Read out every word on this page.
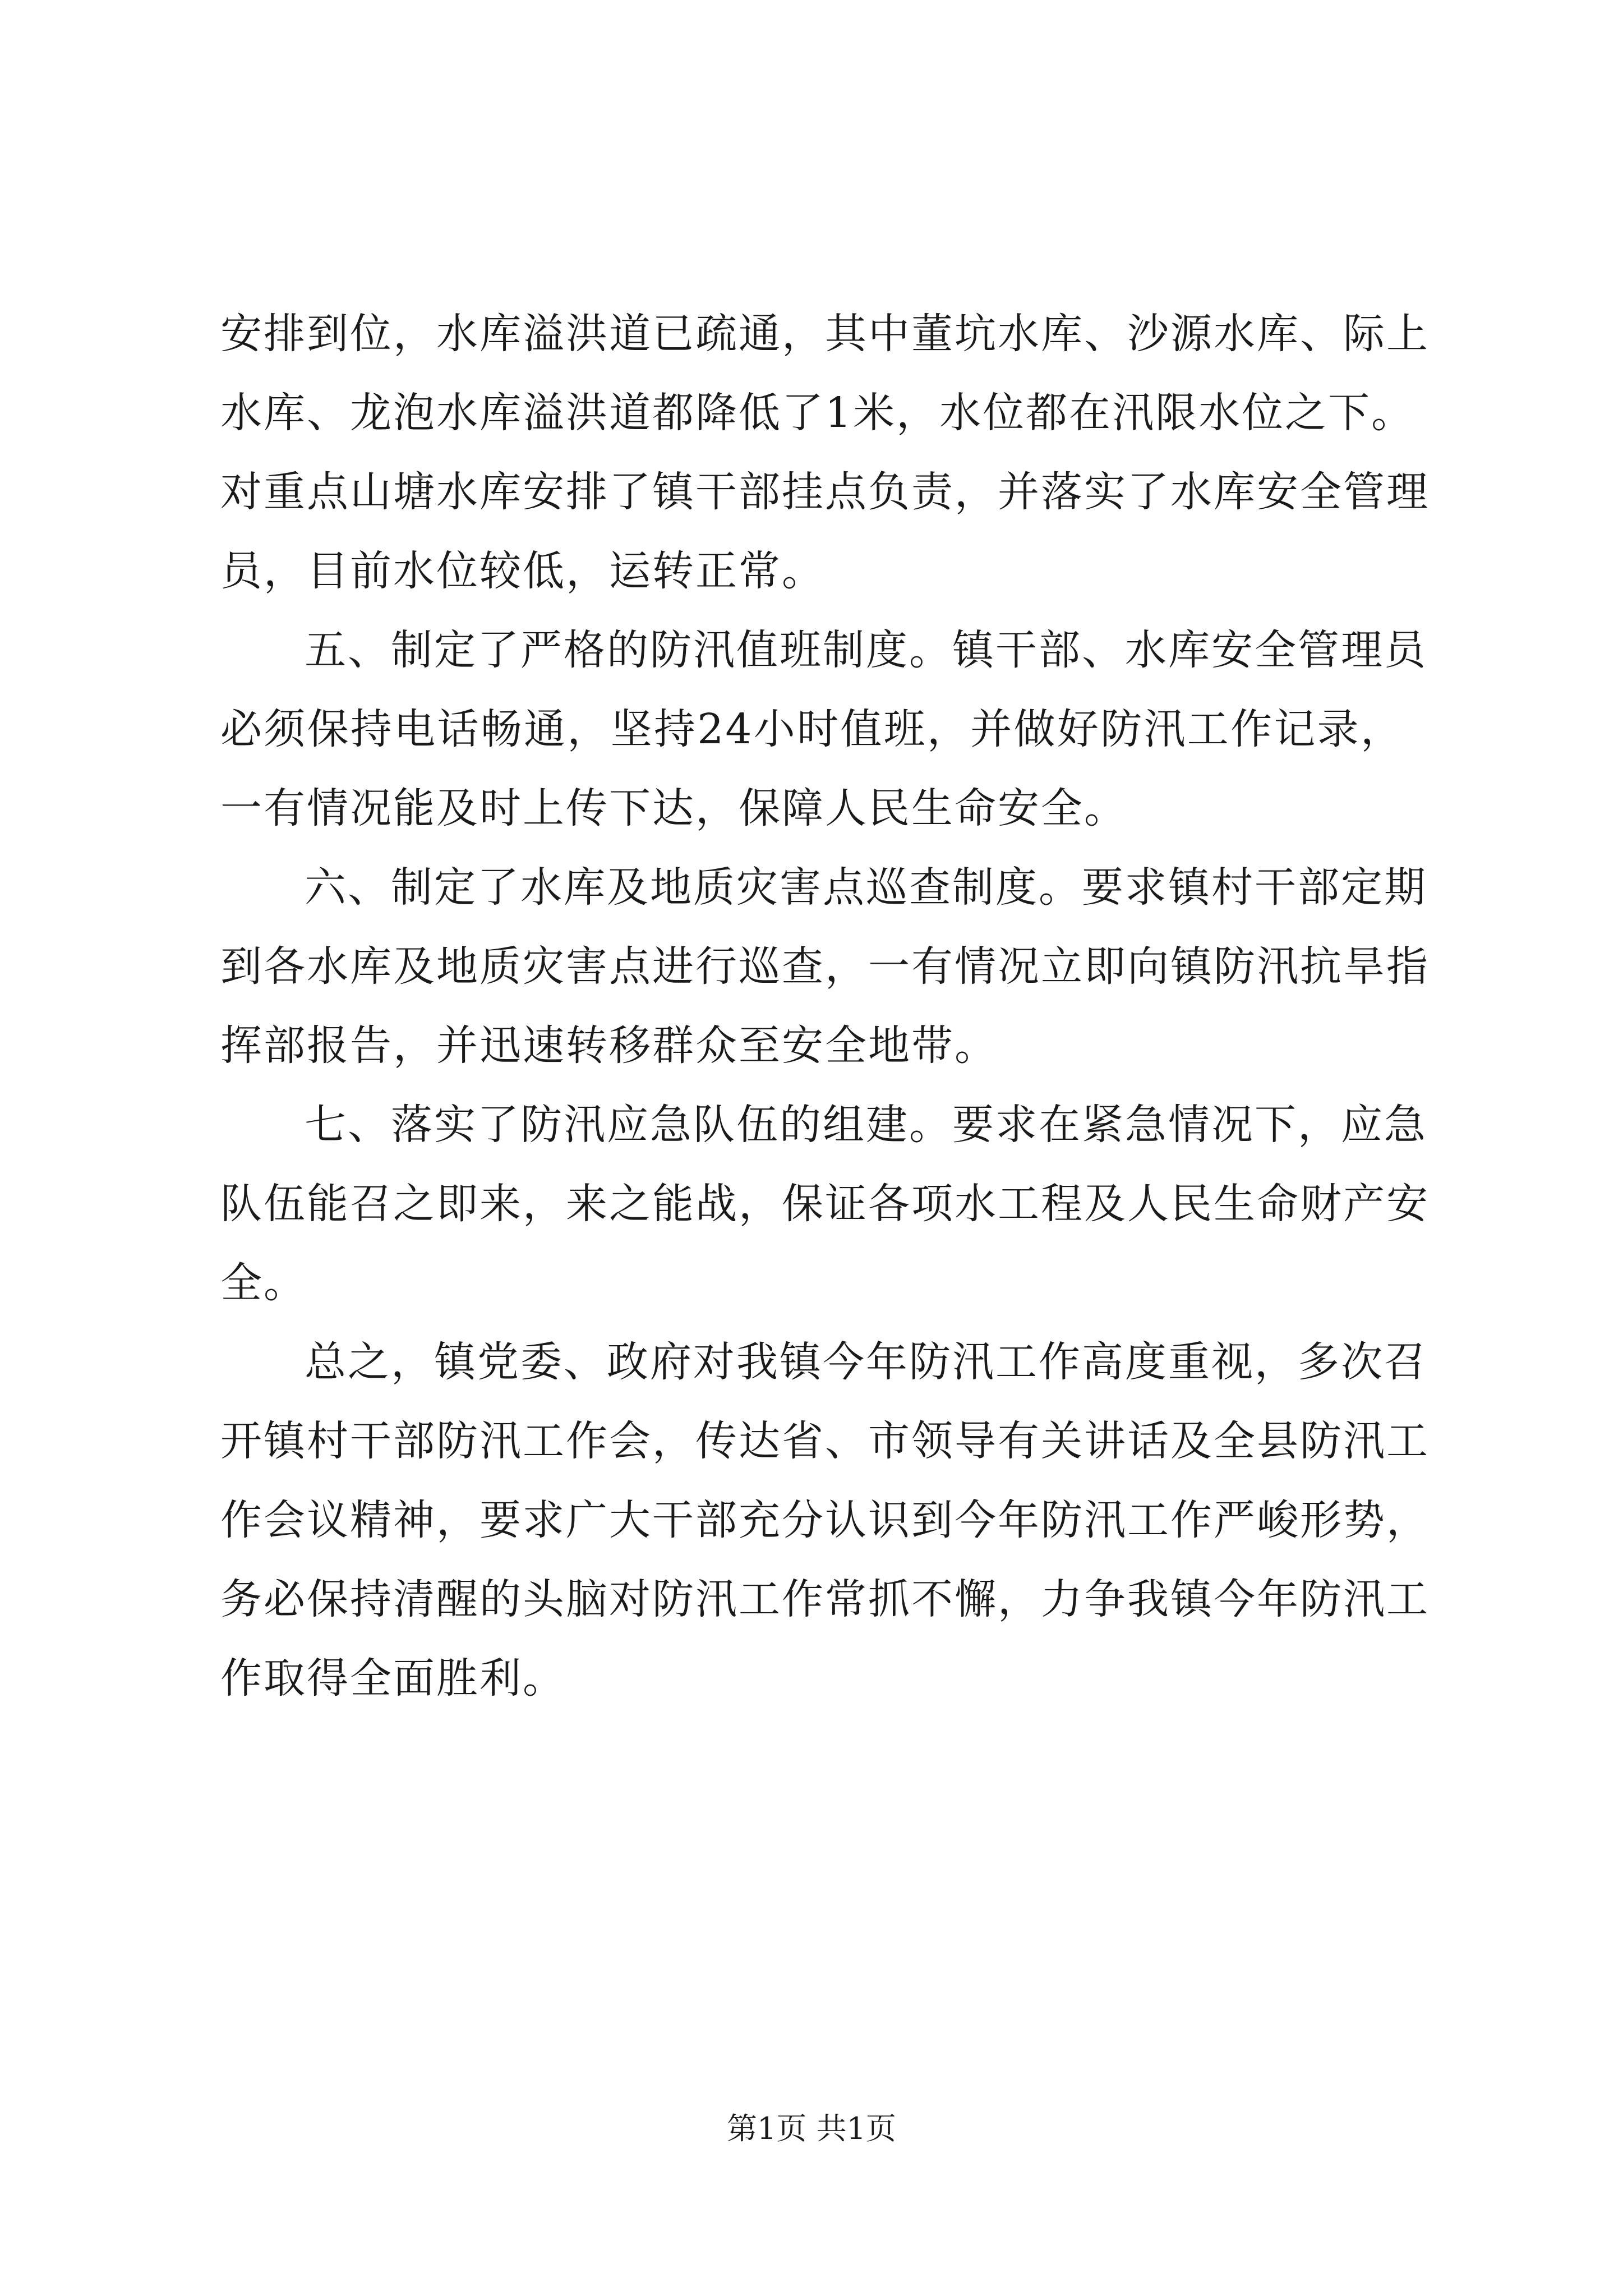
安排到位，水库溢洪道已疏通，其中董坑水库、沙源水库、际上
水库、龙泡水库溢洪道都降低了1米，水位都在汛限水位之下。
对重点山塘水库安排了镇干部挂点负责，并落实了水库安全管理
员，目前水位较低，运转正常。
五、制定了严格的防汛值班制度。镇干部、水库安全管理员
必须保持电话畅通，坚持24小时值班，并做好防汛工作记录，
一有情况能及时上传下达，保障人民生命安全。
六、制定了水库及地质灾害点巡查制度。要求镇村干部定期
到各水库及地质灾害点进行巡查，一有情况立即向镇防汛抗旱指
挥部报告，并迅速转移群众至安全地带。
七、落实了防汛应急队伍的组建。要求在紧急情况下，应急
队伍能召之即来，来之能战，保证各项水工程及人民生命财产安
全。
总之，镇党委、政府对我镇今年防汛工作高度重视，多次召
开镇村干部防汛工作会，传达省、市领导有关讲话及全县防汛工
作会议精神，要求广大干部充分认识到今年防汛工作严峻形势，
务必保持清醒的头脑对防汛工作常抓不懈，力争我镇今年防汛工
作取得全面胜利。
第1页 共1页
